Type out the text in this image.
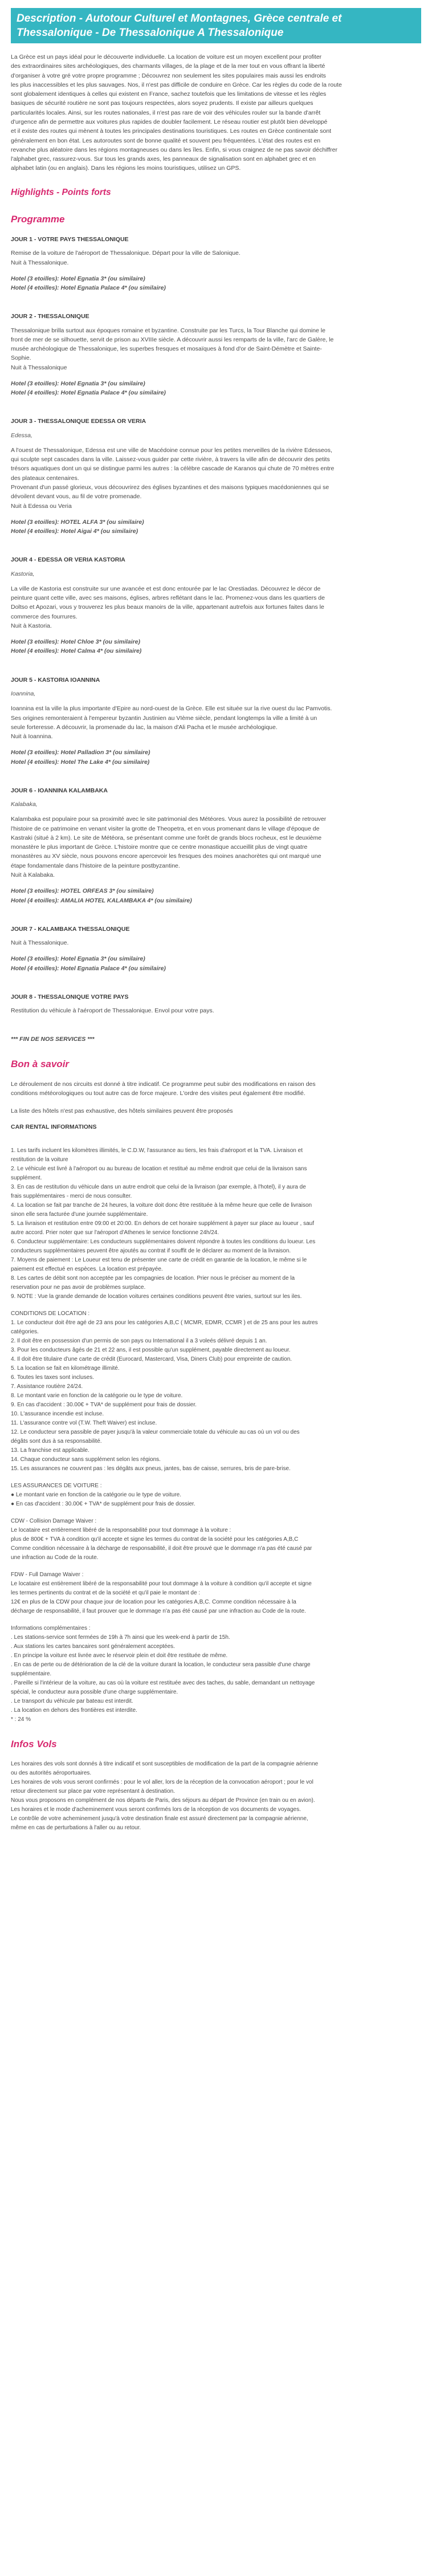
Description - Autotour Culturel et Montagnes, Grèce centrale et
Thessalonique - De Thessalonique A Thessalonique
La Grèce est un pays idéal pour le découverte individuelle. La location de voiture est un moyen excellent pour profiter
des extraordinaires sites archéologiques, des charmants villages, de la plage et de la mer tout en vous offrant la liberté
d'organiser à votre gré votre propre programme ; Découvrez non seulement les sites populaires mais aussi les endroits
les plus inaccessibles et les plus sauvages. Nos, il n'est pas difficile de conduire en Grèce. Car les règles du code de la route
sont globalement identiques à celles qui existent en France, sachez toutefois que les limitations de vitesse et les règles
basiques de sécurité routière ne sont pas toujours respectées, alors soyez prudents. Il existe par ailleurs quelques
particularités locales. Ainsi, sur les routes nationales, il n'est pas rare de voir des véhicules rouler sur la bande d'arrêt
d'urgence afin de permettre aux voitures plus rapides de doubler facilement. Le réseau routier est plutôt bien développé
et il existe des routes qui mènent à toutes les principales destinations touristiques. Les routes en Grèce continentale sont
généralement en bon état. Les autoroutes sont de bonne qualité et souvent peu fréquentées. L'état des routes est en
revanche plus aléatoire dans les régions montagneuses ou dans les îles. Enfin, si vous craignez de ne pas savoir déchiffrer
l'alphabet grec, rassurez-vous. Sur tous les grands axes, les panneaux de signalisation sont en alphabet grec et en
alphabet latin (ou en anglais). Dans les régions les moins touristiques, utilisez un GPS.
Highlights - Points forts
Programme
JOUR 1 - VOTRE PAYS THESSALONIQUE
Remise de la voiture de l'aéroport de Thessalonique. Départ pour la ville de Salonique.
Nuit à Thessalonique.
Hotel (3 etoilles): Hotel Egnatia 3* (ou similaire)
Hotel (4 etoilles): Hotel Egnatia Palace 4* (ou similaire)
JOUR 2 - THESSALONIQUE
Thessalonique brilla surtout aux époques romaine et byzantine. Construite par les Turcs, la Tour Blanche qui domine le
front de mer de se silhouette, servit de prison au XVIIIe siècle. A découvrir aussi les remparts de la ville, l'arc de Galère, le
musée archéologique de Thessalonique, les superbes fresques et mosaïques à fond d'or de Saint-Démètre et Sainte-
Sophie.
Nuit à Thessalonique
Hotel (3 etoilles): Hotel Egnatia 3* (ou similaire)
Hotel (4 etoilles): Hotel Egnatia Palace 4* (ou similaire)
JOUR 3 - THESSALONIQUE EDESSA OR VERIA
Edessa,
A l'ouest de Thessalonique, Edessa est une ville de Macédoine connue pour les petites merveilles de la rivière Edesseos,
qui sculpte sept cascades dans la ville. Laissez-vous guider par cette rivière, à travers la ville afin de découvrir des petits
trésors aquatiques dont un qui se distingue parmi les autres : la célèbre cascade de Karanos qui chute de 70 mètres entre
des plateaux centenaires.
Provenant d'un passé glorieux, vous découvrirez des églises byzantines et des maisons typiques macédoniennes qui se
dévoilent devant vous, au fil de votre promenade.
Nuit à Edessa ou Veria
Hotel (3 etoilles): HOTEL ALFA 3* (ou similaire)
Hotel (4 etoilles): Hotel Aigai 4* (ou similaire)
JOUR 4 - EDESSA OR VERIA KASTORIA
Kastoria,
La ville de Kastoria est construite sur une avancée et est donc entourée par le lac Orestiadas. Découvrez le décor de
peinture quant cette ville, avec ses maisons, églises, arbres reflétant dans le lac. Promenez-vous dans les quartiers de
Doltso et Apozari, vous y trouverez les plus beaux manoirs de la ville, appartenant autrefois aux fortunes faites dans le
commerce des fourrures.
Nuit à Kastoria.
Hotel (3 etoilles): Hotel Chloe 3* (ou similaire)
Hotel (4 etoilles): Hotel Calma 4* (ou similaire)
JOUR 5 - KASTORIA IOANNINA
Ioannina,
Ioannina est la ville la plus importante d'Epire au nord-ouest de la Grèce. Elle est située sur la rive ouest du lac Pamvotis.
Ses origines remonteraient à l'empereur byzantin Justinien au VIème siècle, pendant longtemps la ville a limité à un
seule forteresse. A découvrir, la promenade du lac, la maison d'Ali Pacha et le musée archéologique.
Nuit à Ioannina.
Hotel (3 etoilles): Hotel Palladion 3* (ou similaire)
Hotel (4 etoilles): Hotel The Lake 4* (ou similaire)
JOUR 6 - IOANNINA KALAMBAKA
Kalabaka,
Kalambaka est populaire pour sa proximité avec le site patrimonial des Météores. Vous aurez la possibilité de retrouver
l'histoire de ce patrimoine en venant visiter la grotte de Theopetra, et en vous promenant dans le village d'époque de
Kastraki (situé à 2 km). Le site de Météora, se présentant comme une forêt de grands blocs rocheux, est le deuxième
monastère le plus important de Grèce. L'histoire montre que ce centre monastique accueillit plus de vingt quatre
monastères au XV siècle, nous pouvons encore apercevoir les fresques des moines anachorètes qui ont marqué une
étape fondamentale dans l'histoire de la peinture postbyzantine.
Nuit à Kalabaka.
Hotel (3 etoilles): HOTEL ORFEAS 3* (ou similaire)
Hotel (4 etoilles): AMALIA HOTEL KALAMBAKA 4* (ou similaire)
JOUR 7 - KALAMBAKA THESSALONIQUE
Nuit à Thessalonique.
Hotel (3 etoilles): Hotel Egnatia 3* (ou similaire)
Hotel (4 etoilles): Hotel Egnatia Palace 4* (ou similaire)
JOUR 8 - THESSALONIQUE VOTRE PAYS
Restitution du véhicule à l'aéroport de Thessalonique. Envol pour votre pays.
*** FIN DE NOS SERVICES ***
Bon à savoir
Le déroulement de nos circuits est donné à titre indicatif. Ce programme peut subir des modifications en raison des
conditions météorologiques ou tout autre cas de force majeure. L'ordre des visites peut également être modifié.

La liste des hôtels n'est pas exhaustive, des hôtels similaires peuvent être proposés

CAR RENTAL INFORMATIONS
1. Les tarifs incluent les kilomètres illimités, le C.D.W, l'assurance au tiers, les frais d'aéroport et la TVA. Livraison et
restitution de la voiture
2. Le véhicule est livré à l'aéroport ou au bureau de location et restitué au même endroit que celui de la livraison sans
supplément.
3. En cas de restitution du véhicule dans un autre endroit que celui de la livraison (par exemple, à l'hotel), il y aura de
frais supplémentaires - merci de nous consulter.
4. La location se fait par tranche de 24 heures, la voiture doit donc être restituée à la même heure que celle de livraison
sinon elle sera facturée d'une journée supplémentaire.
5. La livraison et restitution entre 09:00 et 20:00. En dehors de cet horaire supplément à payer sur place au loueur , sauf
autre accord. Prier noter que sur l'aéroport d'Athenes le service fonctionne 24h/24.
6. Conducteur supplémentaire: Les conducteurs supplémentaires doivent répondre à toutes les conditions du loueur. Les
conducteurs supplémentaires peuvent être ajoutés au contrat if souffit de le déclarer au moment de la livraison.
7. Moyens de paiement : Le Loueur est tenu de présenter une carte de crédit en garantie de la location, le même si le
paiement est effectué en espèces. La location est prépayée.
8. Les cartes de débit sont non acceptée par les compagnies de location. Prier nous le préciser au moment de la
reservation pour ne pas avoir de problèmes surplace.
9. NOTE : Vue la grande demande de location voitures certaines conditions peuvent être varies, surtout sur les iles.
CONDITIONS DE LOCATION :
1. Le conducteur doit être agé de 23 ans pour les catégories A,B,C ( MCMR, EDMR, CCMR ) et de 25 ans pour les autres
catégories.
2. Il doit être en possession d'un permis de son pays ou International il a 3 voleés délivré depuis 1 an.
3. Pour les conducteurs âgés de 21 et 22 ans, il est possible qu'un supplément, payable directement au loueur.
4. Il doit être titulaire d'une carte de crédit (Eurocard, Mastercard, Visa, Diners Club) pour empreinte de caution.
5. La location se fait en kilométrage illimité.
6. Toutes les taxes sont incluses.
7. Assistance routière 24/24.
8. Le montant varie en fonction de la catégorie ou le type de voiture.
9. En cas d'accident : 30.00€ + TVA* de supplément pour frais de dossier.
10. L'assurance incendie est incluse.
11. L'assurance contre vol (T.W. Theft Waiver) est incluse.
12. Le conducteur sera passible de payer jusqu'à la valeur commerciale totale du véhicule au cas où un vol ou des
dégâts sont dus à sa responsabilité.
13. La franchise est applicable.
14. Chaque conducteur sans supplément selon les régions.
15. Les assurances ne couvrent pas : les dégâts aux pneus, jantes, bas de caisse, serrures, bris de pare-brise.
LES ASSURANCES DE VOITURE :
● Le montant varie en fonction de la catégorie ou le type de voiture.
● En cas d'accident : 30.00€ + TVA* de supplément pour frais de dossier.
CDW - Collision Damage Waiver :
Le locataire est entièrement libéré de la responsabilité pour tout dommage à la voiture :
plus de 800€ + TVA à condition qu'il accepte et signe les termes du contrat de la société pour les catégories A,B,C
Comme condition nécessaire à la décharge de responsabilité, il doit être prouvé que le dommage n'a pas été causé par
une infraction au Code de la route.
FDW - Full Damage Waiver :
Le locataire est entièrement libéré de la responsabilité pour tout dommage à la voiture à condition qu'il accepte et signe
les termes pertinents du contrat et de la société et qu'il paie le montant de :
12€ en plus de la CDW pour chaque jour de location pour les catégories A,B,C. Comme condition nécessaire à la
décharge de responsabilité, il faut prouver que le dommage n'a pas été causé par une infraction au Code de la route.
Informations complémentaires :
. Les stations-service sont fermées de 19h à 7h ainsi que les week-end à partir de 15h.
. Aux stations les cartes bancaires sont généralement acceptées.
. En principe la voiture est livrée avec le réservoir plein et doit être restituée de même.
. En cas de perte ou de détérioration de la clé de la voiture durant la location, le conducteur sera passible d'une charge
supplémentaire.
. Pareille si l'intérieur de la voiture, au cas où la voiture est restituée avec des taches, du sable, demandant un nettoyage
spécial, le conducteur aura possible d'une charge supplémentaire.
. Le transport du véhicule par bateau est interdit.
. La location en dehors des frontières est interdite.
* : 24 %
Infos Vols
Les horaires des vols sont donnés à titre indicatif et sont susceptibles de modification de la part de la compagnie aérienne
ou des autorités aéroportuaires.
Les horaires de vols vous seront confirmés : pour le vol aller, lors de la réception de la convocation aéroport ; pour le vol
retour directement sur place par votre représentant à destination.
Nous vous proposons en complément de nos départs de Paris, des séjours au départ de Province (en train ou en avion).
Les horaires et le mode d'acheminement vous seront confirmés lors de la réception de vos documents de voyages.
Le contrôle de votre acheminement jusqu'à votre destination finale est assuré directement par la compagnie aérienne,
même en cas de perturbations à l'aller ou au retour.
